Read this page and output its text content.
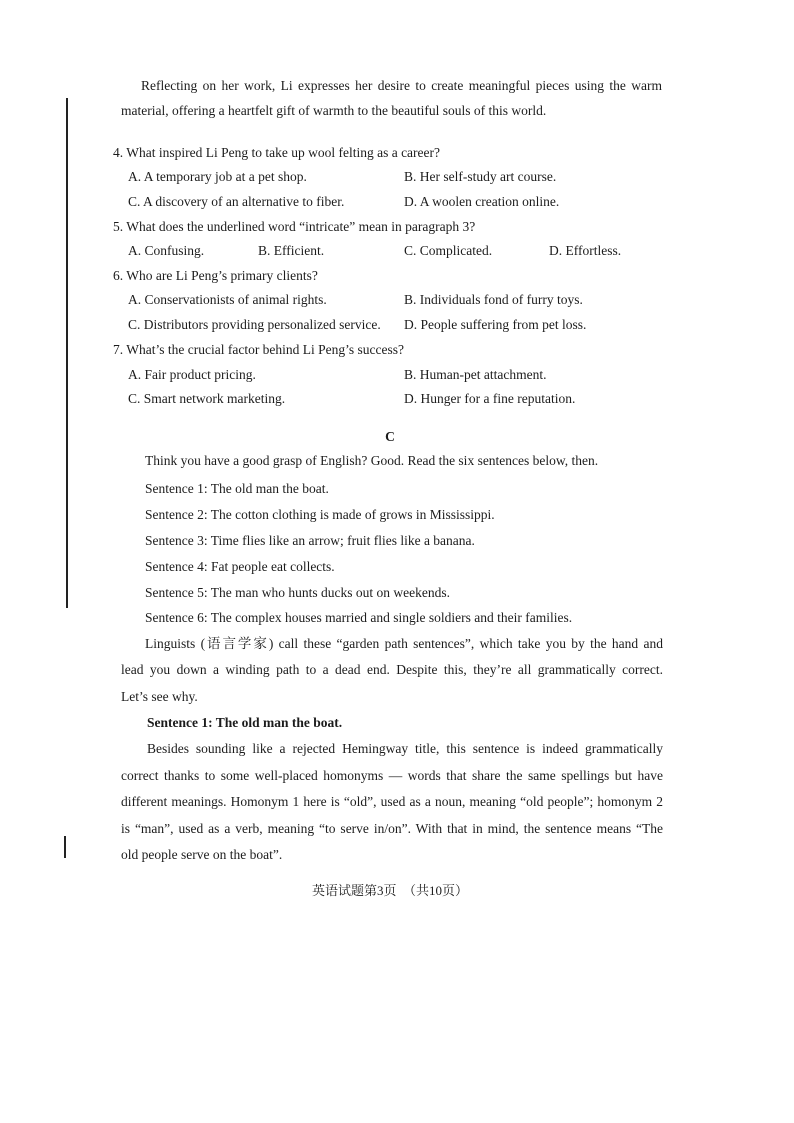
Reflecting on her work, Li expresses her desire to create meaningful pieces using the warm
material, offering a heartfelt gift of warmth to the beautiful souls of this world.
4. What inspired Li Peng to take up wool felting as a career?
A. A temporary job at a pet shop.	B. Her self-study art course.
C. A discovery of an alternative to fiber.	D. A woolen creation online.
5. What does the underlined word “intricate” mean in paragraph 3?
A. Confusing.	B. Efficient.	C. Complicated.	D. Effortless.
6. Who are Li Peng’s primary clients?
A. Conservationists of animal rights.	B. Individuals fond of furry toys.
C. Distributors providing personalized service. D. People suffering from pet loss.
7. What’s the crucial factor behind Li Peng’s success?
A. Fair product pricing.	B. Human-pet attachment.
C. Smart network marketing.	D. Hunger for a fine reputation.
C
Think you have a good grasp of English? Good. Read the six sentences below, then.
Sentence 1: The old man the boat.
Sentence 2: The cotton clothing is made of grows in Mississippi.
Sentence 3: Time flies like an arrow; fruit flies like a banana.
Sentence 4: Fat people eat collects.
Sentence 5: The man who hunts ducks out on weekends.
Sentence 6: The complex houses married and single soldiers and their families.
Linguists (语言学家) call these “garden path sentences”, which take you by the hand and
lead you down a winding path to a dead end. Despite this, they’re all grammatically correct.
Let’s see why.
Sentence 1: The old man the boat.
Besides sounding like a rejected Hemingway title, this sentence is indeed grammatically
correct thanks to some well-placed homonyms — words that share the same spellings but have
different meanings. Homonym 1 here is “old”, used as a noun, meaning “old people”; homonym 2
is “man”, used as a verb, meaning “to serve in/on”. With that in mind, the sentence means “The
old people serve on the boat”.
英语试题第3页  （共10页）
